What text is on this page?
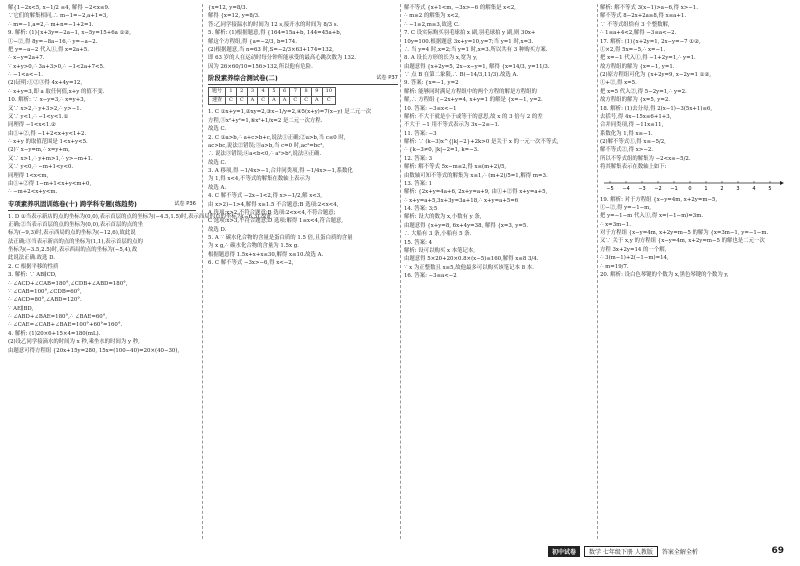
解{1−2x<5, x−1/2 ≤4, 解得 −2<x≤9.
∵它们的解集相同,∴ m−1=−2,a+1=3,
∴ m=−1,a=2,∴ m+n=−1+2=1.
9. 解析: (1){x+3y=−2a−1, x−5y=15+6a ①②,
①−②,得 8y=−8a−16,∴ y=−a−2.
把 y=−a−2 代入①,得 x=2a+5.
∴ x−y=2a+7.
∵ x+y>0,∴ 3a+3>0,∴ −1<2a+7<5.
∴ −1<a<−1.
(2)证明:①②③得 4x+4y=12,
∴ x+y=3,即 a 取任何值,x+y 的值不变.
10. 解析: ∵ x−y=3,∴ x=y+3,
又∵ x>2,∴ y+3>2,∴ y>−1.
又∵ y<1,∴ −1<y<1.①
同理得 −1<x<1.②
由①+②,得 −1+2<x+y<1+2.
∴ x+y 的取值范围是 1<x+y<5.
(2)∵ x−y=m,∴ x=y+m,
又∵ x>1,∴ y+m>1,∴ y>−m+1.
又∵ y<0,∴ −m+1<y<0.
同理得 1<x<m,
由①+②得 1−m+1<x+y<m+0,
∴ −m+2<x+y<m.
专项素养巩固训练卷(十) 跨学科专题(练趋势)	试卷 P36
1. D ①当表示新店的点的坐标为(0,0),表示首层的点的坐标为(−4.5,1.5)时,表示西局的点的坐标为(−6,3),故此
正确;②当表示首层的点的坐标为(0,0),表示首层的点的坐
标为(−9,3)时,表示西局的点的坐标为(−12,6),故此说
法正确;③当表示新店的点的坐标为(1,1),表示首层的点的
坐标为(−3.5,2.5)时,表示西局的点的坐标为(−5,4),故
此说法正确.故选 D.
2. C 根据平移的性质
3. 解析: ∵ AB∥CD,
∴ ∠ACD+∠CAB=180°,∠CDB+∠ABD=180°,
∵ ∠CAB=100°,∠CDB=60°,
∴ ∠ACD=80°,∠ABD=120°.
∵ AE∥BD,
∴ ∠ABD+∠BAE=180°,∴ ∠BAE=60°,
∴ ∠CAE=∠CAB+∠BAE=100°+60°=160°.
4. 解析: (1)20×6+15×4=180(mL).
(2)设乙同学接滴水的时间为 x 秒,乘坐水的时间为 y 秒,
由题意可得方程组 {20x+15y=280, 15x=(100−40)=20×(40−30),
{x=12, y=8/3.
解得 {x=12, y=8/3.
答:乙同学接温水的时间为 12 s,接开水的时间为 8/3 s.
5. 解析: (1)根据题意,得 {164=15a+b, 144=45a+b,
解这个方程组,得 {a=−2/3, b=174.
(2)根据题意,当 n=63 时,S=−2/3×63+174=132,
即 63 岁的人在运动时每分钟所能承受的最高心跳次数为 132.
因为 26×60/10=156>132,所以他有危险.
阶段素养综合测试卷(二)	试卷 P37
题号	1	2	3	4	5	6	7	8	9	10
速查	C	C	A	C	A	A	C	C	A	C
1. C ①x+y=1,②xy=2,③x−1/y=2,④5(x+y)=7(x−y) 是二元一次
方程,⑤x²+y²=1,⑥x²+1/x=2 是二元一次方程.
故选 C.
2. C ①a>b,∴ a+c>b+c,说法①正确;②a>b,当 c≤0 时,
ac>bc,说法②错误;③a>b,当 c=0 时,ac²=bc²,
∴ 说法③错误;④a<b<0,∴ a²>b²,说法④正确.
故选 C.
3. A 移项,得 −1/4x>−1,合并同类项,得 −1/4x>−1,系数化
为 1,得 x<4,不等式的解集在数轴上表示为
故选 A.
4. C 解不等式 −2x−1<2,得 x>−1/2,解 x<3,
由 x>2)−1>4,解得 x≥1.5 不合题意;B 选项:2<x<4,
A 选项:x>2,不符合题意;B 选项:2<x<4,不符合题意;
C 选项:x>3,不符合题意;D 选项:解得 1≤x<4,符合题意,
故选 D.
5. A ∵ 碳水化合物的含量是蛋白质的 1.5 倍,且蛋白质的含量
为 x g,∴ 碳水化合物的含量为 1.5x g.
根据题意得 1.5x+x+x≤30,解得 x≤10.故选 A.
6. C 解不等式 −3x>−6,得 x<−2,
解不等式 {x+1<m, −3x>−6 的解集是 x<2,
∴ m≥2 的解集为 x<2,
∴ −1≥2,m≥3,故选 C.
7. C 设实际购买羽毛球拍 x 副,羽毛球拍 y 副,则 30x+
10y=100.根据题意 3x+y=10,y=7;当 y=1 时,x=3.
∴ 当 y=4 时,x=2;当 y=1 时,x=3.所以共有 3 种购买方案.
8. A 设长方形的长为 x,宽为 y,
由题意得 {x+2y=5, 2x−x−y=1, 解得 {x=14/3, y=11/3.
∵ 点 B 在第二象限,∴ B(−14/3,11/3).故选 A.
9. 答案: {x=−1, y=2
解析: 能够同时满足方程组中的两个方程的解是方程组的
解,∴ 方程组 {−2x+y=4, x+y=1 的解是 {x=−1, y=2.
10. 答案: −3≤x<−1
解析: 不大于就是小于或等于的意思,故 x 的 3 倍与 2 的差
不大于 −1 用不等式表示为 3x−2≤−1.
11. 答案: −3
解析: ∵ (k−3)x^{|k|−2}+2k>0 是关于 x 的一元一次不等式,
∴ {k−3≠0, |k|−2=1, k=−3.
12. 答案: 3
解析: 解不等式 5x−m≤2,得 x≤(m+2)/5,
由数轴可知不等式的解集为 x≤1,∴ (m+2)/5=1,解得 m=3.
13. 答案: 1
解析: {2x+y=4a+6, 2x+y=a+9, 由①+②得 x+y=a+5,
∴ x+y=a+5,3x+3y=3a+18,∴ x+y=a+5=6
14. 答案: 3;5
解析: 设大的数为 x,小数有 y 条,
由题意得 {x+y=8, 6x+4y=38, 解得 {x=3, y=5.
∴ 大船有 3 条,小船有 5 条.
15. 答案: 4
解析: 设可以购买 x 本笔记本,
由题意得 5×20+20×0.8×(x−5)≤160,解得 x≤8 3/4.
∵ x 为正整数且 x≥5,故他最多可以购买该笔记本 8 本.
16. 答案: −3≤a<−2
解析: 解不等式 3(x−1)>a−6,得 x>−1.
解不等式 8−2x+2a≥8,得 x≤a+1.
∵ 不等式组恰有 3 个整数解,
∴ 1≤a+4<2,解得 −3≤a<−2.
17. 解析: (1){x+2y=1, 2x−y=−7 ①②,
①×2,得 5x=−5,∴ x=−1.
把 x=−1 代入①,得 −1+2y=1,∴ y=1.
故方程组的解为 {x=−1, y=1.
(2)原方程组可化为 {x+2y=9, x−2y=1 ①②,
①+②,得 x=5.
把 x=5 代入②,得 5−2y=1,∴ y=2.
故方程组的解为 {x=5, y=2.
18. 解析: (1)去分母,得 2(x−1)−3(5x+1)≤6,
去括号,得 4x−15x≤6+1+3,
合并同类项,得 −11x≤11,
系数化为 1,得 x≥−1.
(2)解不等式①,得 x≤−5/2,
解不等式②,得 x>−2.
所以不等式组的解集为 −2<x≤−5/2.
将其解集表示在数轴上如下:
−5 −4 −3 −2 −1 0	1	2	3	4	5
19. 解析: 对于方程组 {x−y=4m, x+2y=m−5,
①−②,得 y=−1−m,
把 y=−1−m 代入①,得 x=(−1−m)=3m.
∴ x=3m−1.
对于方程组 {x−y=4m, x+2y=m−5 的解为 {x=3m−1, y=−1−m.
又∵ 关于 x,y 的方程组 {x−y=4m, x+2y=m−5 的解也是二元一次
方程 3x+2y=14 的一个解,
∴ 3(m−1)+2(−1−m)=14,
∴ m=19/7.
20. 解析: 设白色琴键的个数为 x,黑色琴键的个数为 y,
初中试卷	数学 七年级下册 人教版	答案全解全析	69
